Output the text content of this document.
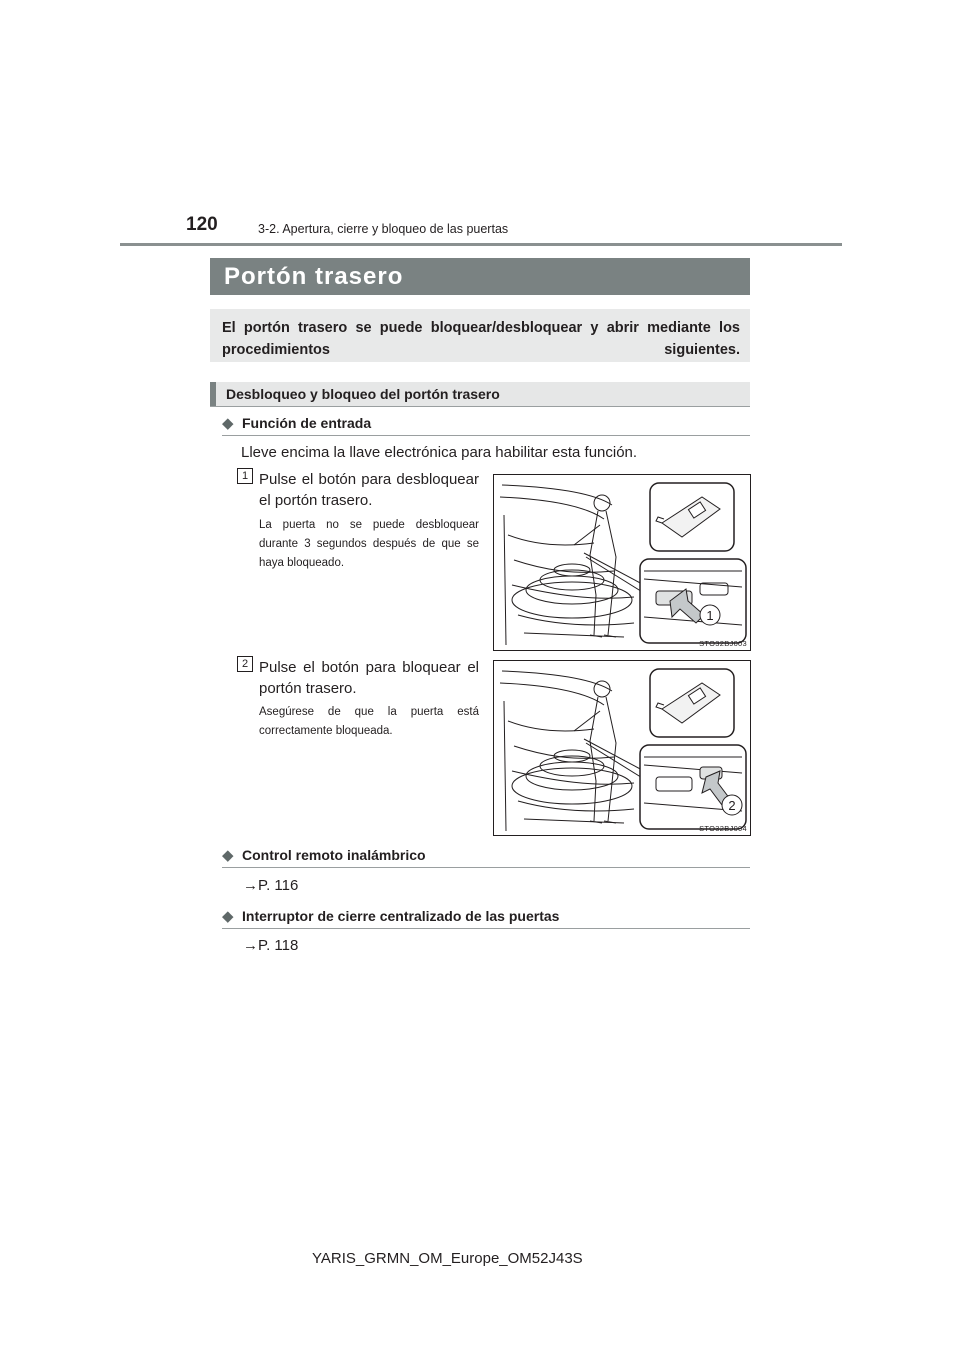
120	3-2. Apertura, cierre y bloqueo de las puertas
Portón trasero
El portón trasero se puede bloquear/desbloquear y abrir mediante los procedimientos siguientes.
Desbloqueo y bloqueo del portón trasero
◆ Función de entrada
Lleve encima la llave electrónica para habilitar esta función.
1 Pulse el botón para desbloquear el portón trasero.
La puerta no se puede desbloquear durante 3 segundos después de que se haya bloqueado.
1
STO32BJ003
2 Pulse el botón para bloquear el portón trasero.
Asegúrese de que la puerta está correctamente bloqueada.
2
STO32BJ004
◆ Control remoto inalámbrico
→P. 116
◆ Interruptor de cierre centralizado de las puertas
→P. 118
YARIS_GRMN_OM_Europe_OM52J43S
